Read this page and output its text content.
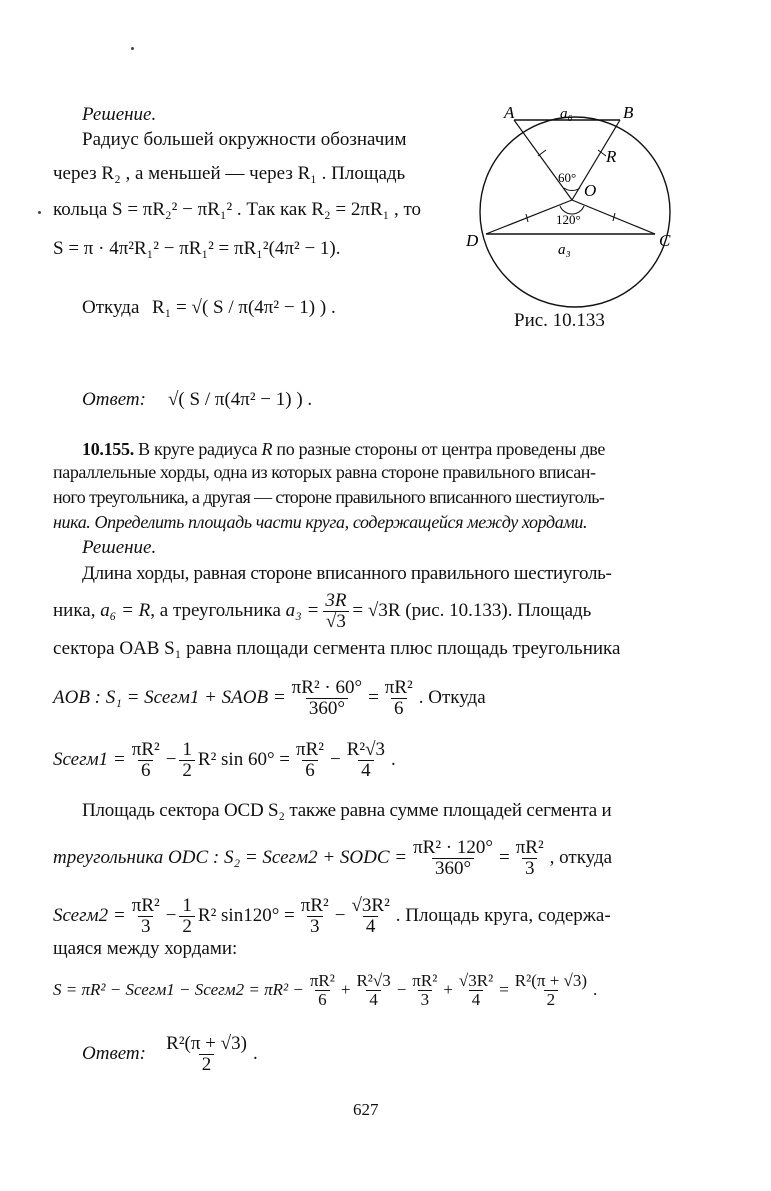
Решение.
Радиус большей окружности обозначим
через R₂ , а меньшей — через R₁ . Площадь
кольца S = πR₂² − πR₁² . Так как R₂ = 2πR₁ , то
S = π · 4π²R₁² − πR₁² = πR₁²(4π² − 1).
Откуда R₁ = √( S / π(4π² − 1) ) .
Ответ: √( S / π(4π² − 1) ) .
A	B
C
D
O
R
a₆
a₃
60°
120°
Рис. 10.133
10.155. В круге радиуса R по разные стороны от центра проведены две
параллельные хорды, одна из которых равна стороне правильного вписан-
ного треугольника, а другая — стороне правильного вписанного шестиуголь-
ника. Определить площадь части круга, содержащейся между хордами.
Решение.
Длина хорды, равная стороне вписанного правильного шестиуголь-
ника,
a₆ = R , а треугольника
$a_3 = \frac{3R}{√3} = √3R$ (рис. 10.133). Площадь
сектора OAB S₁ равна площади сегмента плюс площадь треугольника
AOB : S₁ = Sсегм1 + SAOB = $\frac{\text{πR² · 60°}}{360^\circ} = \frac{\text{πR²}}{6}$ . Откуда
Sсегм1 = $\frac{\text{πR²}}{6} - \frac{1}{2} R^2$ $\sin 60^\circ = \frac{\text{πR²}}{6} - \frac{\text{R²√3}}{4}$ .
Площадь сектора OCD S₂ также равна сумме площадей сегмента и
треугольника ODC : S₂ = Sсегм2 + SODC = $\frac{\text{πR² · 120°}}{360^\circ} = \frac{\text{πR²}}{3}$ , откуда
Sсегм2 = $\frac{\text{πR²}}{3} - \frac{1}{2} R^2$ $\sin 120^\circ = \frac{\text{πR²}}{3} - \frac{\text{√3R²}}{4}$ . Площадь круга, содержа-
щаяся между хордами:
S = πR² − Sсегм1 − Sсегм2 = $\pi R^2 - \frac{\text{πR²}}{6} + \frac{\text{R²√3}}{4} - \frac{\text{πR²}}{3} + \frac{\text{√3R²}}{4} = \frac{\text{R²(π + √3)}}{2}$ .
Ответ:
$\frac{\text{R²(π + √3)}}{2}$ .
627
